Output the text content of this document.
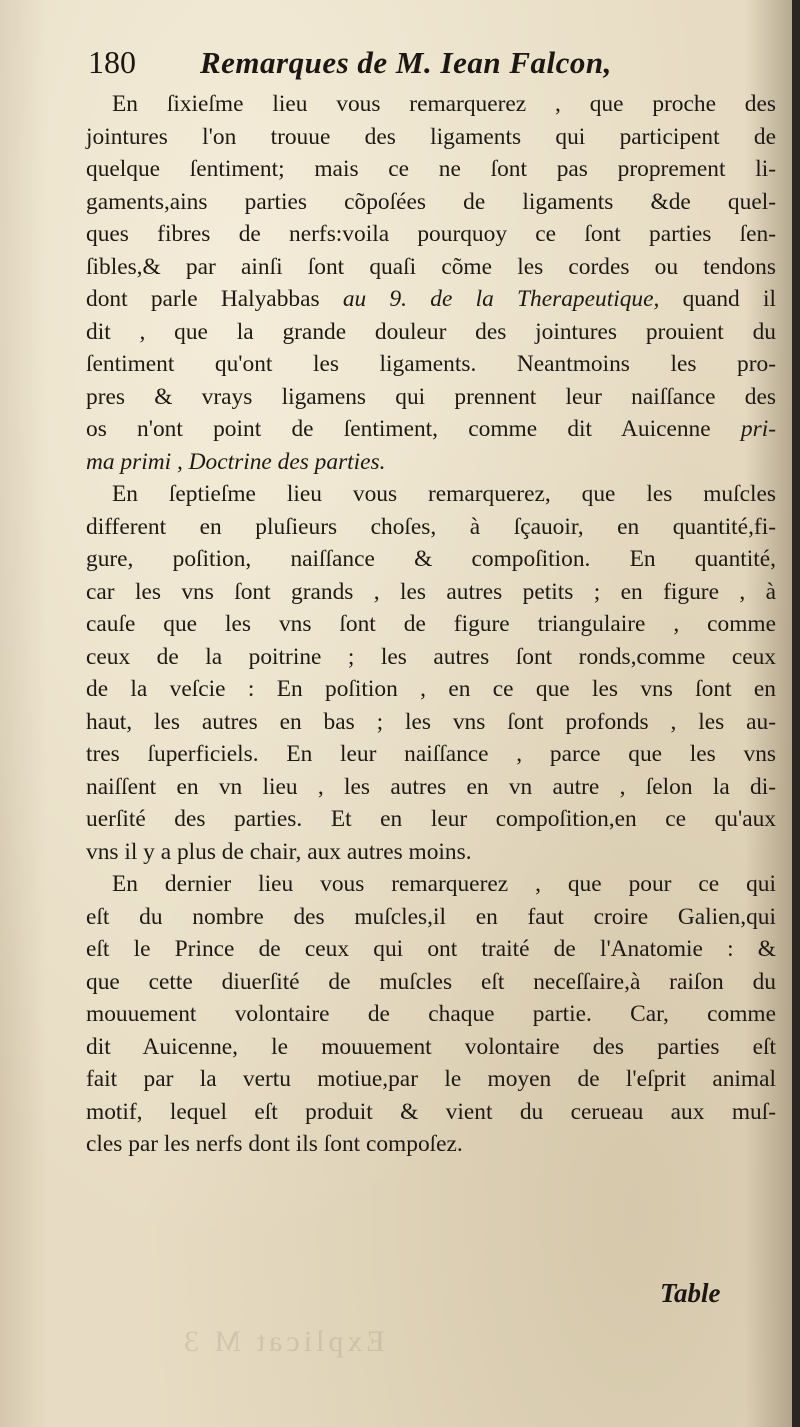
Explicat M 3
180	Remarques de M. Iean Falcon,
En ſixieſme lieu vous remarquerez , que proche des
jointures l'on trouue des ligaments qui participent de
quelque ſentiment; mais ce ne ſont pas proprement li-
gaments,ains parties cõpoſées de ligaments &de quel-
ques fibres de nerfs:voila pourquoy ce ſont parties ſen-
ſibles,& par ainſi ſont quaſi cõme les cordes ou tendons
dont parle Halyabbas au 9. de la Therapeutique, quand il
dit , que la grande douleur des jointures prouient du
ſentiment qu'ont les ligaments. Neantmoins les pro-
pres & vrays ligamens qui prennent leur naiſſance des
os n'ont point de ſentiment, comme dit Auicenne pri-
ma primi , Doctrine des parties.
En ſeptieſme lieu vous remarquerez, que les muſcles
different en pluſieurs choſes, à ſçauoir, en quantité,fi-
gure, poſition, naiſſance & compoſition. En quantité,
car les vns ſont grands , les autres petits ; en figure , à
cauſe que les vns ſont de figure triangulaire , comme
ceux de la poitrine ; les autres ſont ronds,comme ceux
de la veſcie : En poſition , en ce que les vns ſont en
haut, les autres en bas ; les vns ſont profonds , les au-
tres ſuperficiels. En leur naiſſance , parce que les vns
naiſſent en vn lieu , les autres en vn autre , ſelon la di-
uerſité des parties. Et en leur compoſition,en ce qu'aux
vns il y a plus de chair, aux autres moins.
En dernier lieu vous remarquerez , que pour ce qui
eſt du nombre des muſcles,il en faut croire Galien,qui
eſt le Prince de ceux qui ont traité de l'Anatomie : &
que cette diuerſité de muſcles eſt neceſſaire,à raiſon du
mouuement volontaire de chaque partie. Car, comme
dit Auicenne, le mouuement volontaire des parties eſt
fait par la vertu motiue,par le moyen de l'eſprit animal
motif, lequel eſt produit & vient du cerueau aux muſ-
cles par les nerfs dont ils ſont compoſez.
Table
